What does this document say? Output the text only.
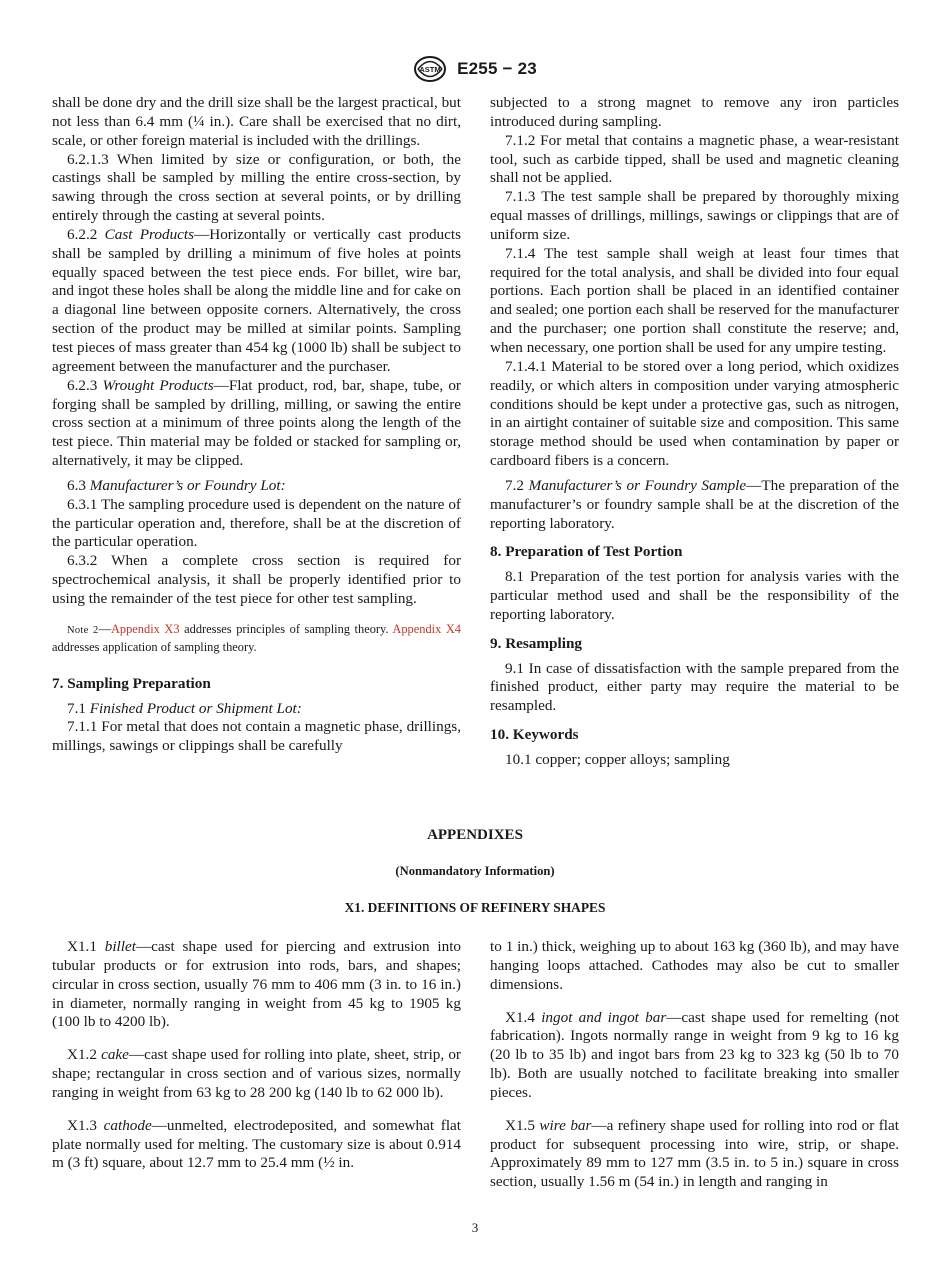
ASTM E255 − 23

shall be done dry and the drill size shall be the largest practical, but not less than 6.4 mm (¼ in.). Care shall be exercised that no dirt, scale, or other foreign material is included with the drillings.

6.2.1.3 When limited by size or configuration, or both, the castings shall be sampled by milling the entire cross-section, by sawing through the cross section at several points, or by drilling entirely through the casting at several points.

6.2.2 Cast Products—Horizontally or vertically cast products shall be sampled by drilling a minimum of five holes at points equally spaced between the test piece ends. For billet, wire bar, and ingot these holes shall be along the middle line and for cake on a diagonal line between opposite corners. Alternatively, the cross section of the product may be milled at similar points. Sampling test pieces of mass greater than 454 kg (1000 lb) shall be subject to agreement between the manufacturer and the purchaser.

6.2.3 Wrought Products—Flat product, rod, bar, shape, tube, or forging shall be sampled by drilling, milling, or sawing the entire cross section at a minimum of three points along the length of the test piece. Thin material may be folded or stacked for sampling or, alternatively, it may be clipped.

6.3 Manufacturer’s or Foundry Lot:

6.3.1 The sampling procedure used is dependent on the nature of the particular operation and, therefore, shall be at the discretion of the particular operation.

6.3.2 When a complete cross section is required for spectrochemical analysis, it shall be properly identified prior to using the remainder of the test piece for other test sampling.

Note 2—Appendix X3 addresses principles of sampling theory. Appendix X4 addresses application of sampling theory.

7. Sampling Preparation

7.1 Finished Product or Shipment Lot:

7.1.1 For metal that does not contain a magnetic phase, drillings, millings, sawings or clippings shall be carefully

subjected to a strong magnet to remove any iron particles introduced during sampling.

7.1.2 For metal that contains a magnetic phase, a wear-resistant tool, such as carbide tipped, shall be used and magnetic cleaning shall not be applied.

7.1.3 The test sample shall be prepared by thoroughly mixing equal masses of drillings, millings, sawings or clippings that are of uniform size.

7.1.4 The test sample shall weigh at least four times that required for the total analysis, and shall be divided into four equal portions. Each portion shall be placed in an identified container and sealed; one portion each shall be reserved for the manufacturer and the purchaser; one portion shall constitute the reserve; and, when necessary, one portion shall be used for any umpire testing.

7.1.4.1 Material to be stored over a long period, which oxidizes readily, or which alters in composition under varying atmospheric conditions should be kept under a protective gas, such as nitrogen, in an airtight container of suitable size and composition. This same storage method should be used when contamination by paper or cardboard fibers is a concern.

7.2 Manufacturer’s or Foundry Sample—The preparation of the manufacturer’s or foundry sample shall be at the discretion of the reporting laboratory.

8. Preparation of Test Portion

8.1 Preparation of the test portion for analysis varies with the particular method used and shall be the responsibility of the reporting laboratory.

9. Resampling

9.1 In case of dissatisfaction with the sample prepared from the finished product, either party may require the material to be resampled.

10. Keywords

10.1 copper; copper alloys; sampling

APPENDIXES
(Nonmandatory Information)
X1. DEFINITIONS OF REFINERY SHAPES

X1.1 billet—cast shape used for piercing and extrusion into tubular products or for extrusion into rods, bars, and shapes; circular in cross section, usually 76 mm to 406 mm (3 in. to 16 in.) in diameter, normally ranging in weight from 45 kg to 1905 kg (100 lb to 4200 lb).

X1.2 cake—cast shape used for rolling into plate, sheet, strip, or shape; rectangular in cross section and of various sizes, normally ranging in weight from 63 kg to 28 200 kg (140 lb to 62 000 lb).

X1.3 cathode—unmelted, electrodeposited, and somewhat flat plate normally used for melting. The customary size is about 0.914 m (3 ft) square, about 12.7 mm to 25.4 mm (½ in.

to 1 in.) thick, weighing up to about 163 kg (360 lb), and may have hanging loops attached. Cathodes may also be cut to smaller dimensions.

X1.4 ingot and ingot bar—cast shape used for remelting (not fabrication). Ingots normally range in weight from 9 kg to 16 kg (20 lb to 35 lb) and ingot bars from 23 kg to 323 kg (50 lb to 70 lb). Both are usually notched to facilitate breaking into smaller pieces.

X1.5 wire bar—a refinery shape used for rolling into rod or flat product for subsequent processing into wire, strip, or shape. Approximately 89 mm to 127 mm (3.5 in. to 5 in.) square in cross section, usually 1.56 m (54 in.) in length and ranging in

3
